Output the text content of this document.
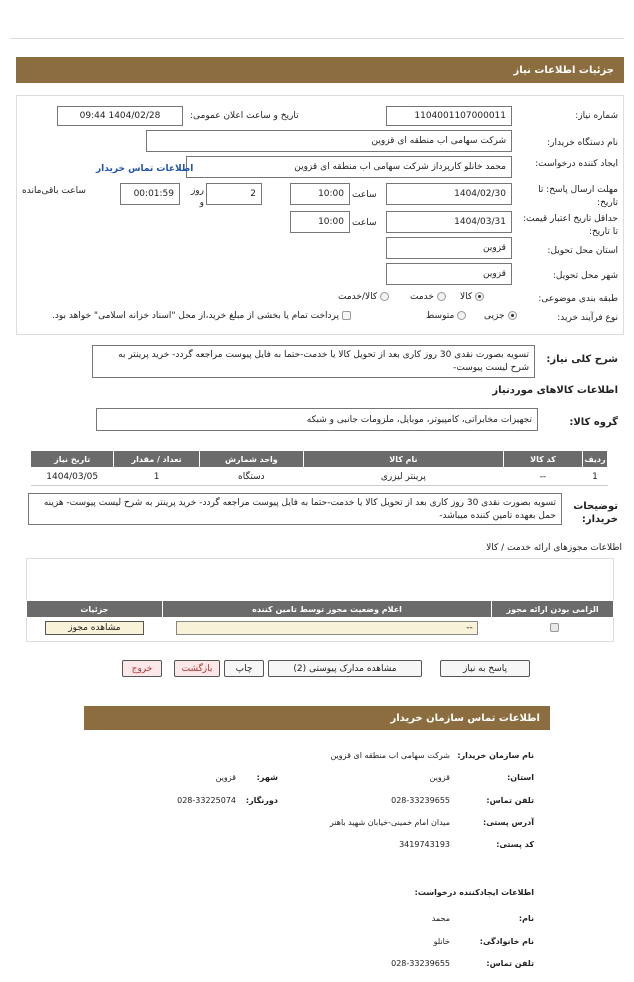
جزئیات اطلاعات نیاز
شماره نیاز:
1104001107000011
تاریخ و ساعت اعلان عمومی:
1404/02/28 09:44
نام دستگاه خریدار:
شرکت سهامی اب منطقه ای قزوین
ایجاد کننده درخواست:
محمد خانلو کارپرداز شرکت سهامی اب منطقه ای قزوین
اطلاعات تماس خریدار
مهلت ارسال پاسخ: تا تاریخ:
1404/02/30
ساعت
10:00
2
روز و
00:01:59
ساعت باقی‌مانده
حداقل تاریخ اعتبار قیمت: تا تاریخ:
1404/03/31
ساعت
10:00
استان محل تحویل:
قزوین
شهر محل تحویل:
قزوین
طبقه بندی موضوعی:
کالا
خدمت
کالا/خدمت
نوع فرآیند خرید:
جزیی
متوسط
پرداخت تمام یا بخشی از مبلغ خرید،از محل "اسناد خزانه اسلامی" خواهد بود.
شرح کلی نیاز:
تسویه بصورت نقدی 30 روز کاری بعد از تحویل کالا یا خدمت-حتما به فایل پیوست مراجعه گردد- خرید پرینتر به شرح لیست پیوست-
اطلاعات کالاهای موردنیاز
گروه کالا:
تجهیزات مخابراتی، کامپیوتر، موبایل، ملزومات جانبی و شبکه
ردیف	کد کالا	نام کالا	واحد شمارش	تعداد / مقدار	تاریخ نیاز
1	--	پرینتر لیزری	دستگاه	1	1404/03/05
توضیحات خریدار:
تسویه بصورت نقدی 30 روز کاری بعد از تحویل کالا یا خدمت-حتما به فایل پیوست مراجعه گردد- خرید پرینتر به شرح لیست پیوست- هزینه حمل بعهده تامین کننده میباشد-
اطلاعات مجوزهای ارائه خدمت / کالا
الزامی بودن ارائه مجوز	اعلام وضعیت مجوز توسط تامین کننده	جزئیات

	--	مشاهده مجوز
پاسخ به نیاز
مشاهده مدارک پیوستی (2)
چاپ
بازگشت
خروج
اطلاعات تماس سازمان خریدار
نام سازمان خریدار:
شرکت سهامی اب منطقه ای قزوین
استان:
قزوین
شهر:
قزوین
تلفن تماس:
028-33239655
دورنگار:
028-33225074
آدرس پستی:
میدان امام خمینی-خیابان شهید باهنر
کد پستی:
3419743193
اطلاعات ایجادکننده درخواست:
نام:
محمد
نام خانوادگی:
خانلو
تلفن تماس:
028-33239655
